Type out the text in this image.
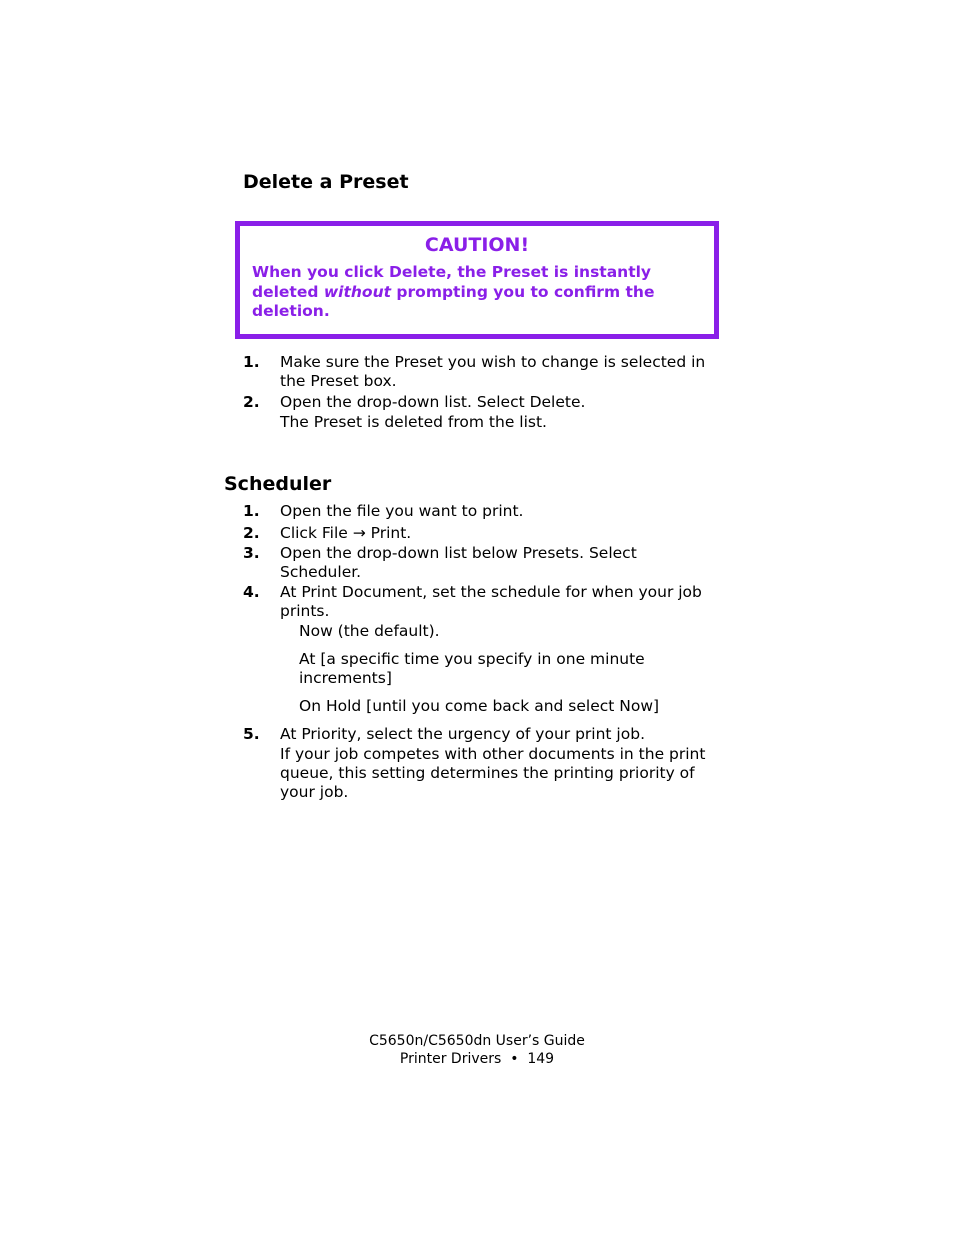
Delete a Preset
CAUTION!
When you click Delete, the Preset is instantly deleted without prompting you to confirm the deletion.
1. Make sure the Preset you wish to change is selected in the Preset box.
2. Open the drop-down list. Select Delete.
The Preset is deleted from the list.
Scheduler
1. Open the file you want to print.
2. Click File → Print.
3. Open the drop-down list below Presets. Select Scheduler.
4. At Print Document, set the schedule for when your job prints.
Now (the default).
At [a specific time you specify in one minute increments]
On Hold [until you come back and select Now]
5. At Priority, select the urgency of your print job.
If your job competes with other documents in the print queue, this setting determines the printing priority of your job.
C5650n/C5650dn User’s Guide
Printer Drivers  •  149
